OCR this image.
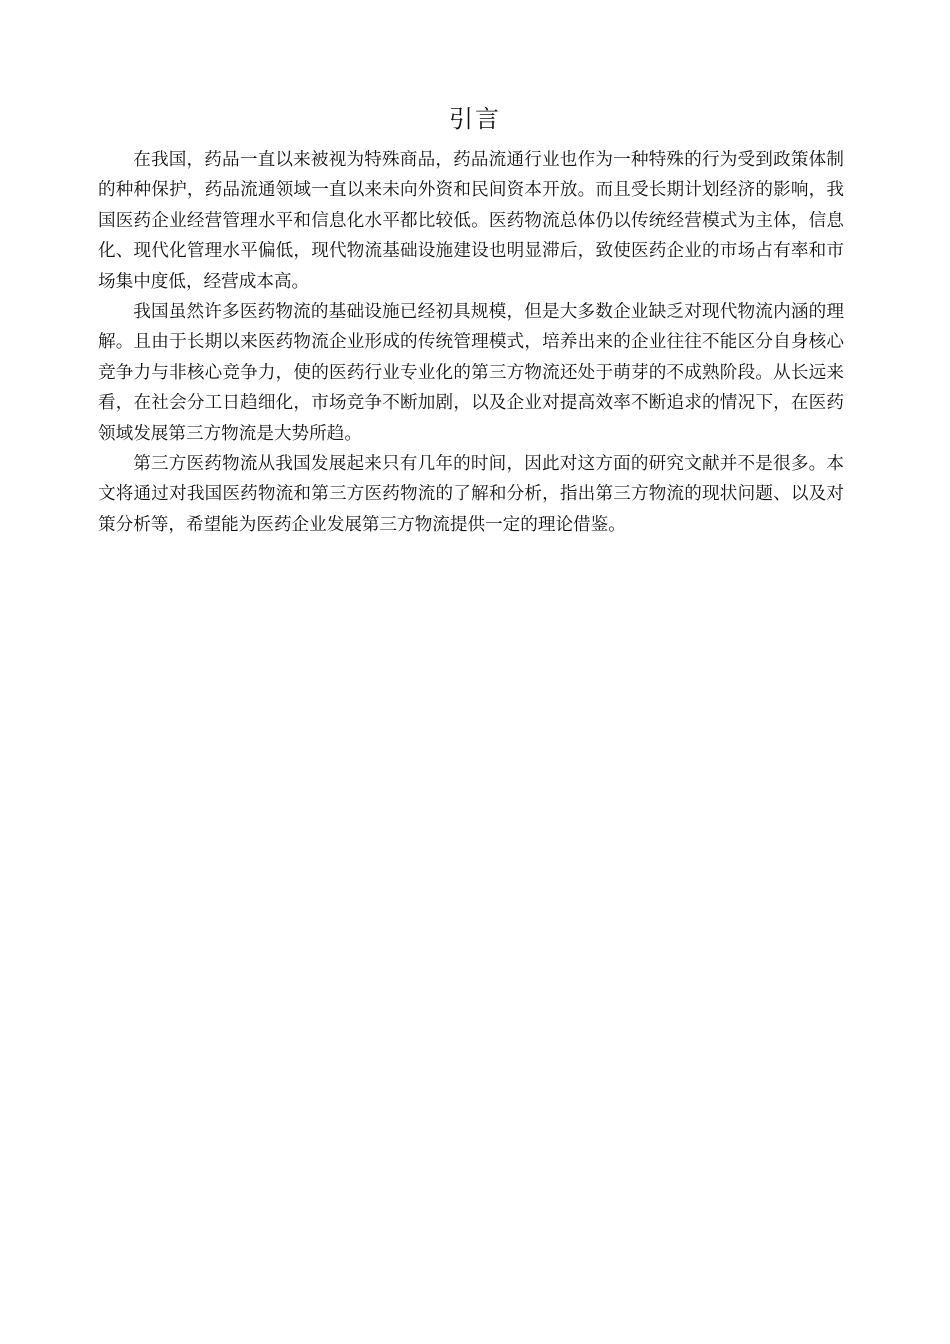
引言

在我国，药品一直以来被视为特殊商品，药品流通行业也作为一种特殊的行为受到政策体制的种种保护，药品流通领域一直以来未向外资和民间资本开放。而且受长期计划经济的影响，我国医药企业经营管理水平和信息化水平都比较低。医药物流总体仍以传统经营模式为主体，信息化、现代化管理水平偏低，现代物流基础设施建设也明显滞后，致使医药企业的市场占有率和市场集中度低，经营成本高。

我国虽然许多医药物流的基础设施已经初具规模，但是大多数企业缺乏对现代物流内涵的理解。且由于长期以来医药物流企业形成的传统管理模式，培养出来的企业往往不能区分自身核心竞争力与非核心竞争力，使的医药行业专业化的第三方物流还处于萌芽的不成熟阶段。从长远来看，在社会分工日趋细化，市场竞争不断加剧，以及企业对提高效率不断追求的情况下，在医药领域发展第三方物流是大势所趋。

第三方医药物流从我国发展起来只有几年的时间，因此对这方面的研究文献并不是很多。本文将通过对我国医药物流和第三方医药物流的了解和分析，指出第三方物流的现状问题、以及对策分析等，希望能为医药企业发展第三方物流提供一定的理论借鉴。
